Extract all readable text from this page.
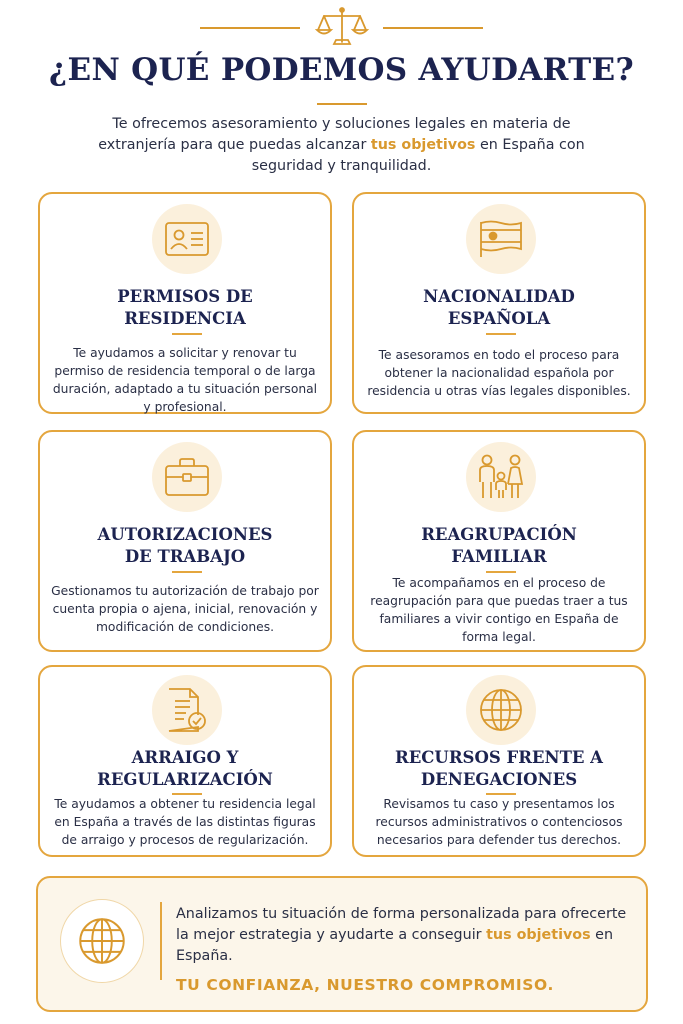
¿EN QUÉ PODEMOS AYUDARTE?
Te ofrecemos asesoramiento y soluciones legales en materia de extranjería para que puedas alcanzar tus objetivos en España con seguridad y tranquilidad.
PERMISOS DE
RESIDENCIA

Te ayudamos a solicitar y renovar tu permiso de residencia temporal o de larga duración, adaptado a tu situación personal y profesional.

NACIONALIDAD
ESPAÑOLA

Te asesoramos en todo el proceso para obtener la nacionalidad española por residencia u otras vías legales disponibles.

AUTORIZACIONES
DE TRABAJO

Gestionamos tu autorización de trabajo por cuenta propia o ajena, inicial, renovación y modificación de condiciones.

REAGRUPACIÓN
FAMILIAR

Te acompañamos en el proceso de reagrupación para que puedas traer a tus familiares a vivir contigo en España de forma legal.

ARRAIGO Y
REGULARIZACIÓN

Te ayudamos a obtener tu residencia legal en España a través de las distintas figuras de arraigo y procesos de regularización.

RECURSOS FRENTE A
DENEGACIONES

Revisamos tu caso y presentamos los recursos administrativos o contenciosos necesarios para defender tus derechos.

Analizamos tu situación de forma personalizada para ofrecerte la mejor estrategia y ayudarte a conseguir tus objetivos en España.
TU CONFIANZA, NUESTRO COMPROMISO.
